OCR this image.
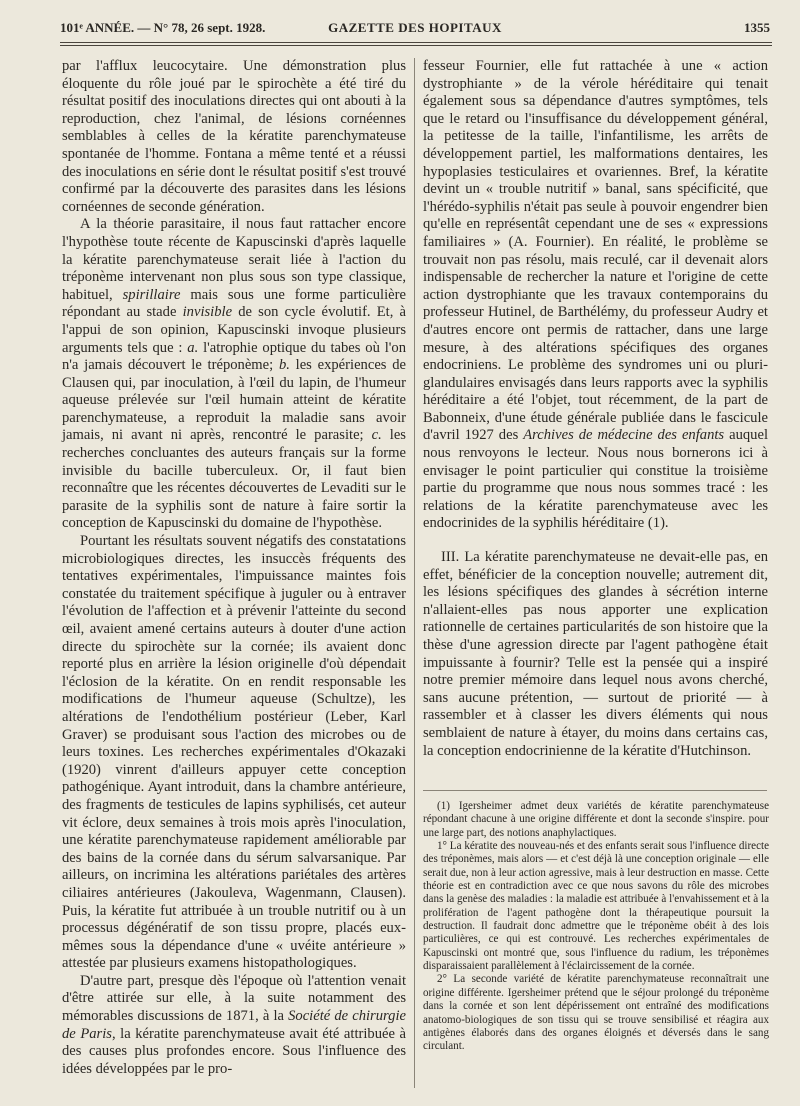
101ᵉ ANNÉE. — N° 78, 26 sept. 1928.	GAZETTE DES HOPITAUX	1355

par l'afflux leucocytaire. Une démonstration plus éloquente du rôle joué par le spirochète a été tiré du résultat positif des inoculations directes qui ont abouti à la reproduction, chez l'animal, de lésions cornéennes semblables à celles de la kératite parenchymateuse spontanée de l'homme. Fontana a même tenté et a réussi des inoculations en série dont le résultat positif s'est trouvé confirmé par la découverte des parasites dans les lésions cornéennes de seconde génération.

A la théorie parasitaire, il nous faut rattacher encore l'hypothèse toute récente de Kapuscinski d'après laquelle la kératite parenchymateuse serait liée à l'action du tréponème intervenant non plus sous son type classique, habituel, spirillaire mais sous une forme particulière répondant au stade invisible de son cycle évolutif. Et, à l'appui de son opinion, Kapuscinski invoque plusieurs arguments tels que : a. l'atrophie optique du tabes où l'on n'a jamais découvert le tréponème; b. les expériences de Clausen qui, par inoculation, à l'œil du lapin, de l'humeur aqueuse prélevée sur l'œil humain atteint de kératite parenchymateuse, a reproduit la maladie sans avoir jamais, ni avant ni après, rencontré le parasite; c. les recherches concluantes des auteurs français sur la forme invisible du bacille tuberculeux. Or, il faut bien reconnaître que les récentes découvertes de Levaditi sur le parasite de la syphilis sont de nature à faire sortir la conception de Kapuscinski du domaine de l'hypothèse.

Pourtant les résultats souvent négatifs des constatations microbiologiques directes, les insuccès fréquents des tentatives expérimentales, l'impuissance maintes fois constatée du traitement spécifique à juguler ou à entraver l'évolution de l'affection et à prévenir l'atteinte du second œil, avaient amené certains auteurs à douter d'une action directe du spirochète sur la cornée; ils avaient donc reporté plus en arrière la lésion originelle d'où dépendait l'éclosion de la kératite. On en rendit responsable les modifications de l'humeur aqueuse (Schultze), les altérations de l'endothélium postérieur (Leber, Karl Graver) se produisant sous l'action des microbes ou de leurs toxines. Les recherches expérimentales d'Okazaki (1920) vinrent d'ailleurs appuyer cette conception pathogénique. Ayant introduit, dans la chambre antérieure, des fragments de testicules de lapins syphilisés, cet auteur vit éclore, deux semaines à trois mois après l'inoculation, une kératite parenchymateuse rapidement améliorable par des bains de la cornée dans du sérum salvarsanique. Par ailleurs, on incrimina les altérations pariétales des artères ciliaires antérieures (Jakouleva, Wagenmann, Clausen). Puis, la kératite fut attribuée à un trouble nutritif ou à un processus dégénératif de son tissu propre, placés eux-mêmes sous la dépendance d'une « uvéite antérieure » attestée par plusieurs examens histopathologiques.

D'autre part, presque dès l'époque où l'attention venait d'être attirée sur elle, à la suite notamment des mémorables discussions de 1871, à la Société de chirurgie de Paris, la kératite parenchymateuse avait été attribuée à des causes plus profondes encore. Sous l'influence des idées développées par le pro-

fesseur Fournier, elle fut rattachée à une « action dystrophiante » de la vérole héréditaire qui tenait également sous sa dépendance d'autres symptômes, tels que le retard ou l'insuffisance du développement général, la petitesse de la taille, l'infantilisme, les arrêts de développement partiel, les malformations dentaires, les hypoplasies testiculaires et ovariennes. Bref, la kératite devint un « trouble nutritif » banal, sans spécificité, que l'hérédo-syphilis n'était pas seule à pouvoir engendrer bien qu'elle en représentât cependant une de ses « expressions familiaires » (A. Fournier). En réalité, le problème se trouvait non pas résolu, mais reculé, car il devenait alors indispensable de rechercher la nature et l'origine de cette action dystrophiante que les travaux contemporains du professeur Hutinel, de Barthélémy, du professeur Audry et d'autres encore ont permis de rattacher, dans une large mesure, à des altérations spécifiques des organes endocriniens. Le problème des syndromes uni ou pluri-glandulaires envisagés dans leurs rapports avec la syphilis héréditaire a été l'objet, tout récemment, de la part de Babonneix, d'une étude générale publiée dans le fascicule d'avril 1927 des Archives de médecine des enfants auquel nous renvoyons le lecteur. Nous nous bornerons ici à envisager le point particulier qui constitue la troisième partie du programme que nous nous sommes tracé : les relations de la kératite parenchymateuse avec les endocrinides de la syphilis héréditaire (1).

III. La kératite parenchymateuse ne devait-elle pas, en effet, bénéficier de la conception nouvelle; autrement dit, les lésions spécifiques des glandes à sécrétion interne n'allaient-elles pas nous apporter une explication rationnelle de certaines particularités de son histoire que la thèse d'une agression directe par l'agent pathogène était impuissante à fournir? Telle est la pensée qui a inspiré notre premier mémoire dans lequel nous avons cherché, sans aucune prétention, — surtout de priorité — à rassembler et à classer les divers éléments qui nous semblaient de nature à étayer, du moins dans certains cas, la conception endocrinienne de la kératite d'Hutchinson.

(1) Igersheimer admet deux variétés de kératite parenchymateuse répondant chacune à une origine différente et dont la seconde s'inspire. pour une large part, des notions anaphylactiques.

1° La kératite des nouveau-nés et des enfants serait sous l'influence directe des tréponèmes, mais alors — et c'est déjà là une conception originale — elle serait due, non à leur action agressive, mais à leur destruction en masse. Cette théorie est en contradiction avec ce que nous savons du rôle des microbes dans la genèse des maladies : la maladie est attribuée à l'envahissement et à la prolifération de l'agent pathogène dont la thérapeutique poursuit la destruction. Il faudrait donc admettre que le tréponème obéit à des lois particulières, ce qui est controuvé. Les recherches expérimentales de Kapuscinski ont montré que, sous l'influence du radium, les tréponèmes disparaissaient parallèlement à l'éclaircissement de la cornée.

2° La seconde variété de kératite parenchymateuse reconnaîtrait une origine différente. Igersheimer prétend que le séjour prolongé du tréponème dans la cornée et son lent dépérissement ont entraîné des modifications anatomo-biologiques de son tissu qui se trouve sensibilisé et réagira aux antigènes élaborés dans des organes éloignés et déversés dans le sang circulant.
